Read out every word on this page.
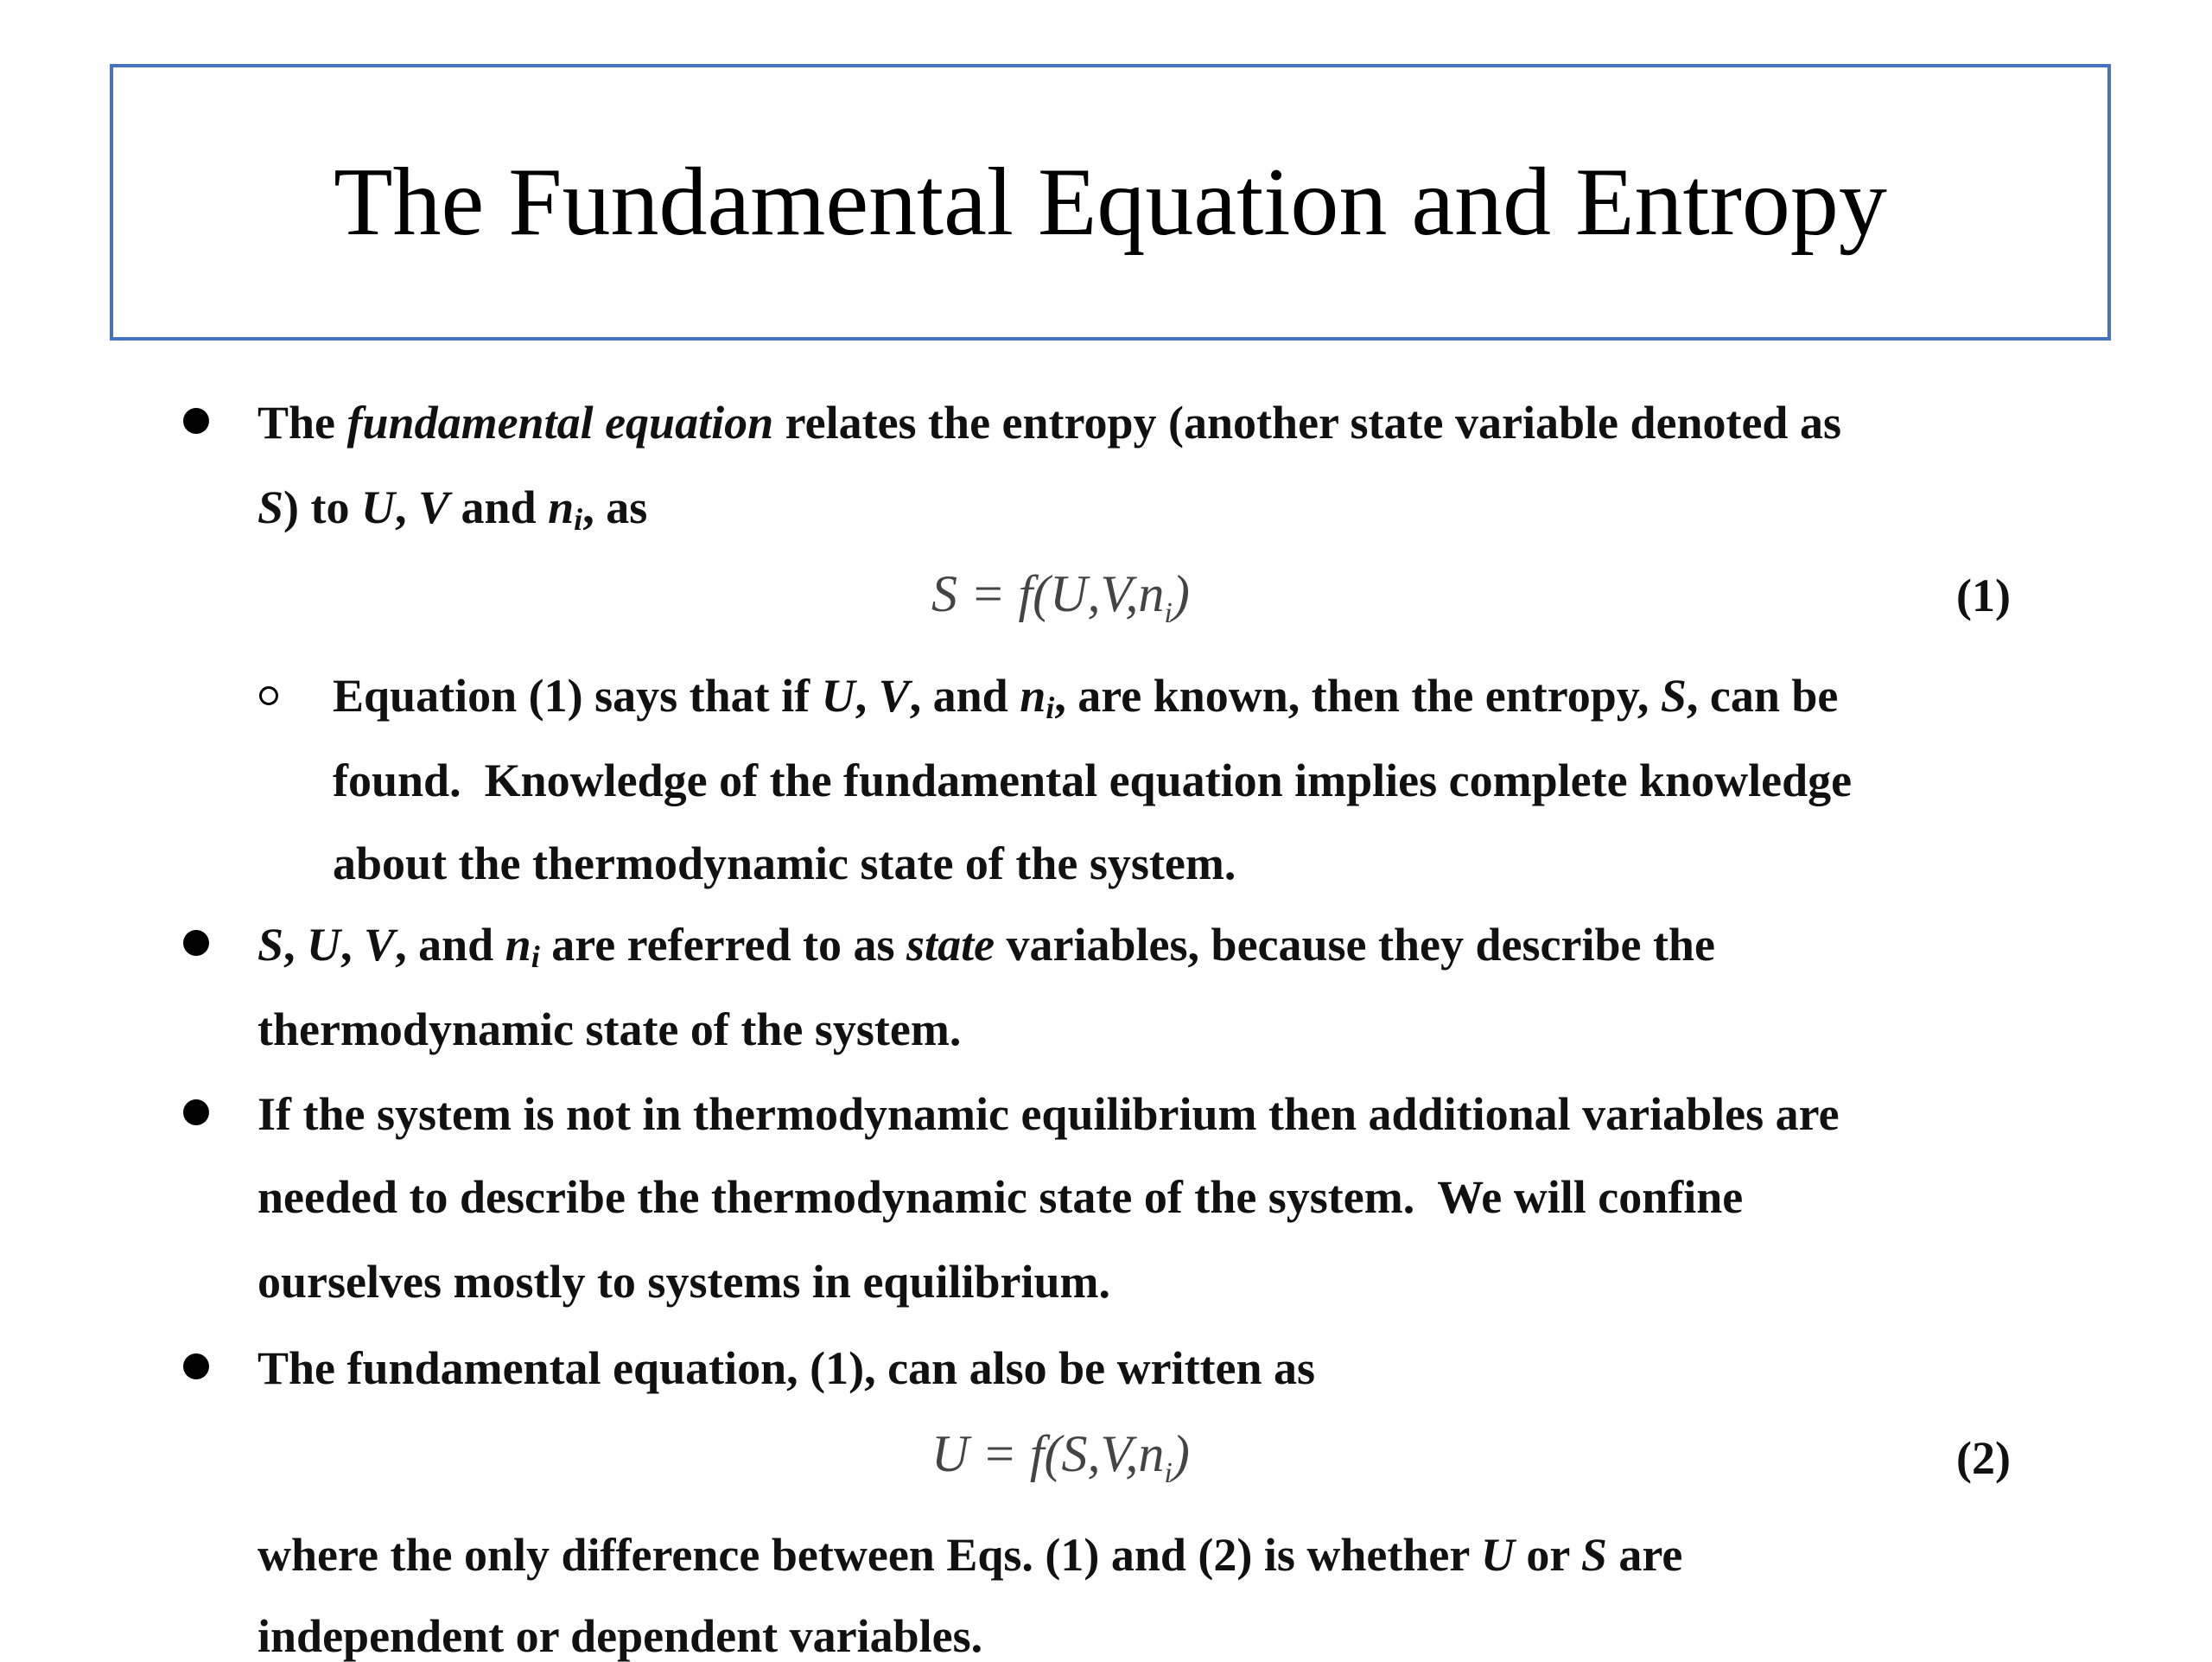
The Fundamental Equation and Entropy
The fundamental equation relates the entropy (another state variable denoted as
S) to U, V and $n_i$, as
$S = f(U,V,n_i)$	(1)
Equation (1) says that if U, V, and $n_i$, are known, then the entropy, S, can be
found.  Knowledge of the fundamental equation implies complete knowledge
about the thermodynamic state of the system.
S, U, V, and $n_i$ are referred to as state variables, because they describe the
thermodynamic state of the system.
If the system is not in thermodynamic equilibrium then additional variables are
needed to describe the thermodynamic state of the system.  We will confine
ourselves mostly to systems in equilibrium.
The fundamental equation, (1), can also be written as
$U = f(S,V,n_i)$	(2)
where the only difference between Eqs. (1) and (2) is whether U or S are
independent or dependent variables.
